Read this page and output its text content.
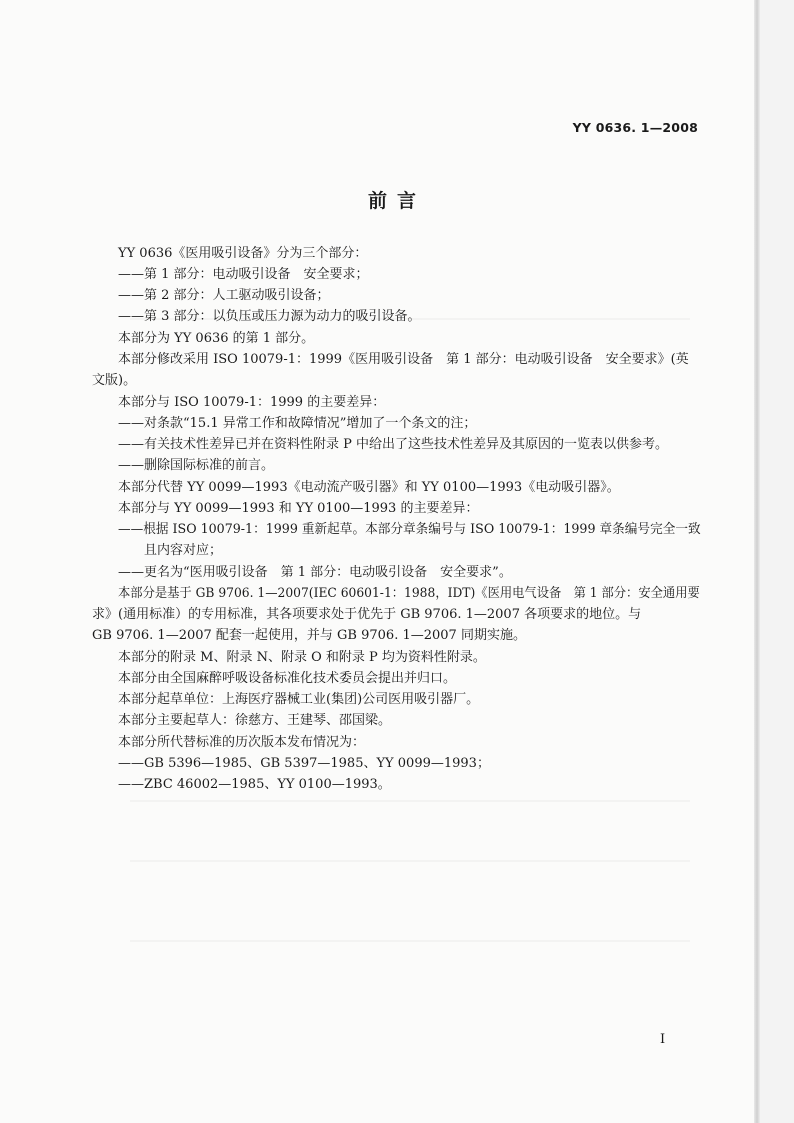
YY 0636. 1—2008
前言
YY 0636《医用吸引设备》分为三个部分：
——第 1 部分：电动吸引设备　安全要求；
——第 2 部分：人工驱动吸引设备；
——第 3 部分：以负压或压力源为动力的吸引设备。
本部分为 YY 0636 的第 1 部分。
本部分修改采用 ISO 10079-1：1999《医用吸引设备　第 1 部分：电动吸引设备　安全要求》(英
文版)。
本部分与 ISO 10079-1：1999 的主要差异：
——对条款“15.1 异常工作和故障情况”增加了一个条文的注；
——有关技术性差异已并在资料性附录 P 中给出了这些技术性差异及其原因的一览表以供参考。
——删除国际标准的前言。
本部分代替 YY 0099—1993《电动流产吸引器》和 YY 0100—1993《电动吸引器》。
本部分与 YY 0099—1993 和 YY 0100—1993 的主要差异：
——根据 ISO 10079-1：1999 重新起草。本部分章条编号与 ISO 10079-1：1999 章条编号完全一致
且内容对应；
——更名为“医用吸引设备　第 1 部分：电动吸引设备　安全要求”。
本部分是基于 GB 9706. 1—2007(IEC 60601-1：1988，IDT)《医用电气设备　第 1 部分：安全通用要
求》(通用标准）的专用标准，其各项要求处于优先于 GB 9706. 1—2007 各项要求的地位。与
GB 9706. 1—2007 配套一起使用，并与 GB 9706. 1—2007 同期实施。
本部分的附录 M、附录 N、附录 O 和附录 P 均为资料性附录。
本部分由全国麻醉呼吸设备标准化技术委员会提出并归口。
本部分起草单位：上海医疗器械工业(集团)公司医用吸引器厂。
本部分主要起草人：徐慈方、王建琴、邵国梁。
本部分所代替标准的历次版本发布情况为：
——GB 5396—1985、GB 5397—1985、YY 0099—1993；
——ZBC 46002—1985、YY 0100—1993。
I
